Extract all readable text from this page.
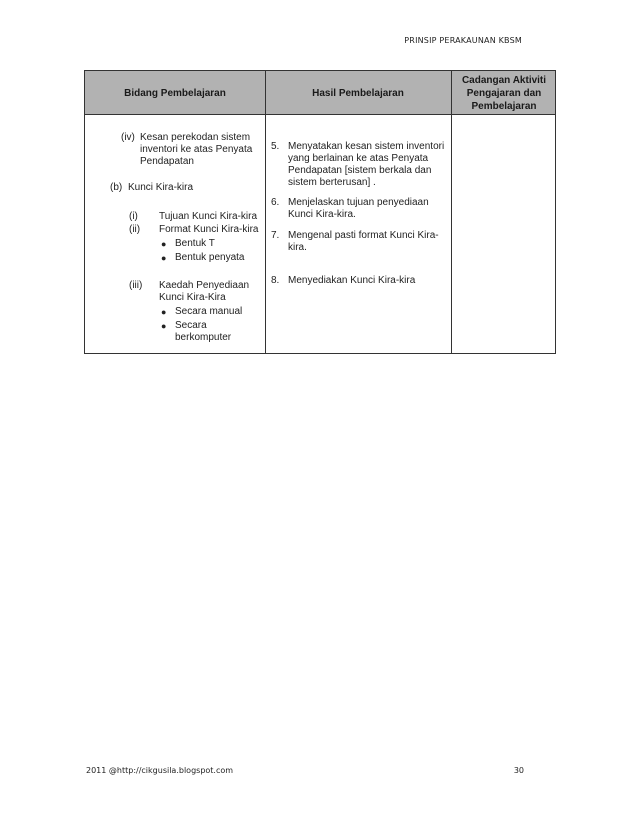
PRINSIP PERAKAUNAN KBSM
Bidang Pembelajaran	Hasil Pembelajaran
Cadangan Aktiviti Pengajaran dan Pembelajaran
(iv) Kesan perekodan sistem inventori ke atas Penyata Pendapatan
(b) Kunci Kira-kira
(i) Tujuan Kunci Kira-kira
(ii) Format Kunci Kira-kira
● Bentuk T
● Bentuk penyata
(iii) Kaedah Penyediaan Kunci Kira-Kira
● Secara manual
● Secara berkomputer
5. Menyatakan kesan sistem inventori yang berlainan ke atas Penyata Pendapatan [sistem berkala dan sistem berterusan] .
6. Menjelaskan tujuan penyediaan Kunci Kira-kira.
7. Mengenal pasti format Kunci Kira-kira.
8. Menyediakan Kunci Kira-kira
2011 @http://cikgusila.blogspot.com	30
